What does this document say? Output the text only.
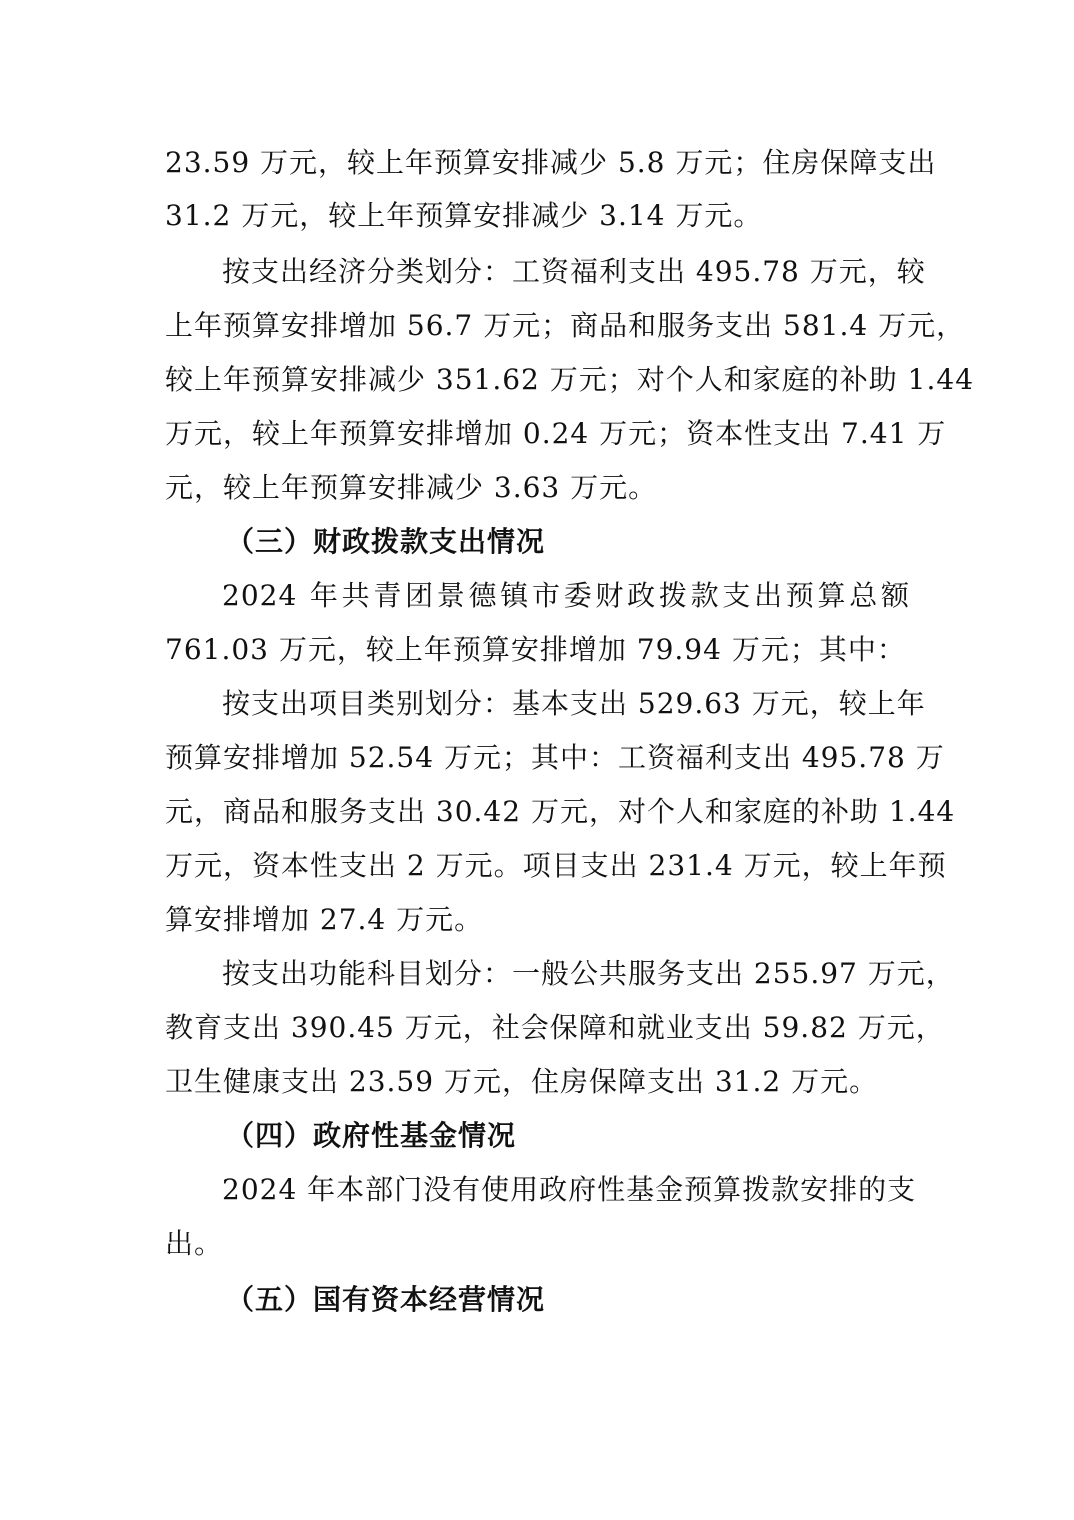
23.59 万元，较上年预算安排减少 5.8 万元；住房保障支出
31.2 万元，较上年预算安排减少 3.14 万元。
按支出经济分类划分：工资福利支出 495.78 万元，较
上年预算安排增加 56.7 万元；商品和服务支出 581.4 万元，
较上年预算安排减少 351.62 万元；对个人和家庭的补助 1.44
万元，较上年预算安排增加 0.24 万元；资本性支出 7.41 万
元，较上年预算安排减少 3.63 万元。
（三）财政拨款支出情况
2024 年共青团景德镇市委财政拨款支出预算总额
761.03 万元，较上年预算安排增加 79.94 万元；其中：
按支出项目类别划分：基本支出 529.63 万元，较上年
预算安排增加 52.54 万元；其中：工资福利支出 495.78 万
元，商品和服务支出 30.42 万元，对个人和家庭的补助 1.44
万元，资本性支出 2 万元。项目支出 231.4 万元，较上年预
算安排增加 27.4 万元。
按支出功能科目划分：一般公共服务支出 255.97 万元，
教育支出 390.45 万元，社会保障和就业支出 59.82 万元，
卫生健康支出 23.59 万元，住房保障支出 31.2 万元。
（四）政府性基金情况
2024 年本部门没有使用政府性基金预算拨款安排的支
出。
（五）国有资本经营情况
